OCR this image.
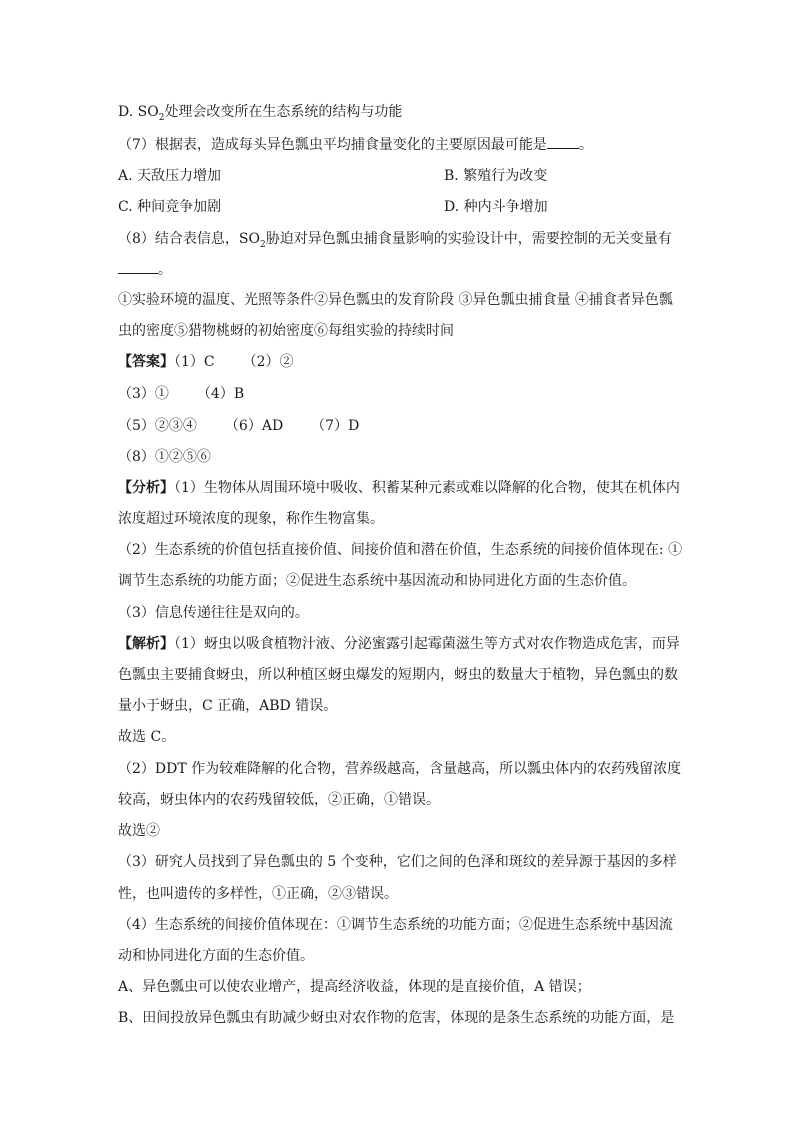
D. $SO_2$处理会改变所在生态系统的结构与功能
（7）根据表，造成每头异色瓢虫平均捕食量变化的主要原因最可能是 。
A. 天敌压力增加	B. 繁殖行为改变
C. 种间竞争加剧	D. 种内斗争增加
（8）结合表信息，$SO_2$胁迫对异色瓢虫捕食量影响的实验设计中，需要控制的无关变量有
。
①实验环境的温度、光照等条件②异色瓢虫的发育阶段 ③异色瓢虫捕食量 ④捕食者异色瓢
虫的密度⑤猎物桃蚜的初始密度⑥每组实验的持续时间
【答案】（1）C （2）②
（3）① （4）B
（5）②③④ （6）AD （7）D
（8）①②⑤⑥
【分析】（1）生物体从周围环境中吸收、积蓄某种元素或难以降解的化合物，使其在机体内
浓度超过环境浓度的现象，称作生物富集。
（2）生态系统的价值包括直接价值、间接价值和潜在价值，生态系统的间接价值体现在: ①
调节生态系统的功能方面；②促进生态系统中基因流动和协同进化方面的生态价值。
（3）信息传递往往是双向的。
【解析】（1）蚜虫以吸食植物汁液、分泌蜜露引起霉菌滋生等方式对农作物造成危害，而异
色瓢虫主要捕食蚜虫，所以种植区蚜虫爆发的短期内，蚜虫的数量大于植物，异色瓢虫的数
量小于蚜虫，C 正确，ABD 错误。
故选 C。
（2）DDT 作为较难降解的化合物，营养级越高，含量越高，所以瓢虫体内的农药残留浓度
较高，蚜虫体内的农药残留较低，②正确，①错误。
故选②
（3）研究人员找到了异色瓢虫的 5 个变种，它们之间的色泽和斑纹的差异源于基因的多样
性，也叫遗传的多样性，①正确，②③错误。
（4）生态系统的间接价值体现在：①调节生态系统的功能方面；②促进生态系统中基因流
动和协同进化方面的生态价值。
A、异色瓢虫可以使农业增产，提高经济收益，体现的是直接价值，A 错误；
B、田间投放异色瓢虫有助减少蚜虫对农作物的危害，体现的是条生态系统的功能方面，是
